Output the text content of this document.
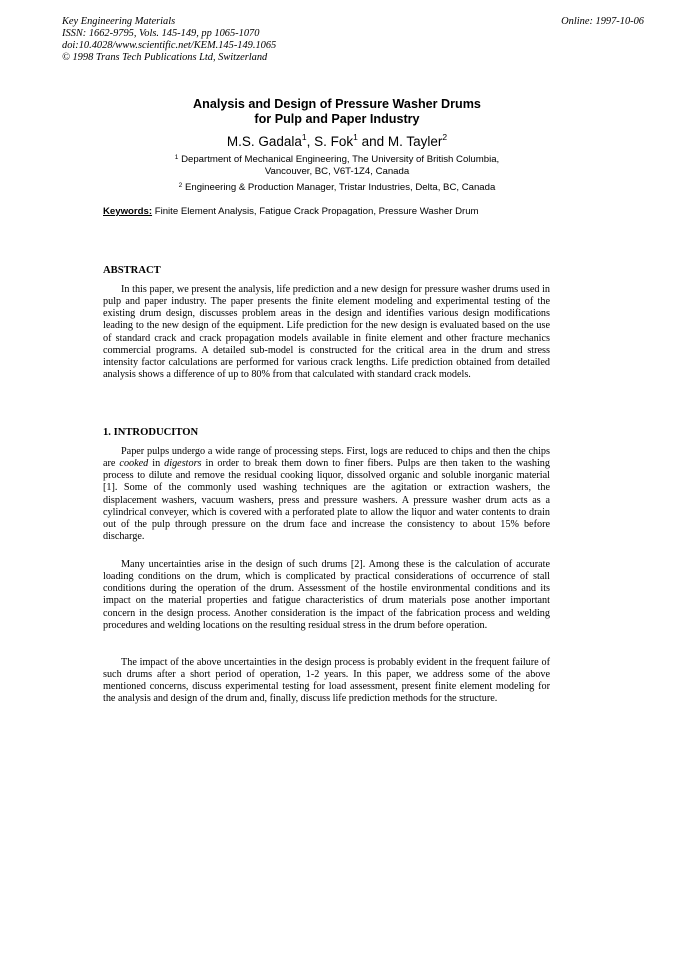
Key Engineering Materials
ISSN: 1662-9795, Vols. 145-149, pp 1065-1070
doi:10.4028/www.scientific.net/KEM.145-149.1065
© 1998 Trans Tech Publications Ltd, Switzerland
Online: 1997-10-06
Analysis and Design of Pressure Washer Drums
for Pulp and Paper Industry
M.S. Gadala$^1$, S. Fok$^1$ and M. Tayler$^2$
$^1$ Department of Mechanical Engineering, The University of British Columbia,
Vancouver, BC, V6T-1Z4, Canada
$^2$ Engineering & Production Manager, Tristar Industries, Delta, BC, Canada
Keywords: Finite Element Analysis, Fatigue Crack Propagation, Pressure Washer Drum
ABSTRACT
In this paper, we present the analysis, life prediction and a new design for pressure washer drums used in pulp and paper industry. The paper presents the finite element modeling and experimental testing of the existing drum design, discusses problem areas in the design and identifies various design modifications leading to the new design of the equipment. Life prediction for the new design is evaluated based on the use of standard crack and crack propagation models available in finite element and other fracture mechanics commercial programs. A detailed sub-model is constructed for the critical area in the drum and stress intensity factor calculations are performed for various crack lengths. Life prediction obtained from detailed analysis shows a difference of up to 80% from that calculated with standard crack models.
1. INTRODUCITON
Paper pulps undergo a wide range of processing steps. First, logs are reduced to chips and then the chips are cooked in digestors in order to break them down to finer fibers. Pulps are then taken to the washing process to dilute and remove the residual cooking liquor, dissolved organic and soluble inorganic material [1]. Some of the commonly used washing techniques are the agitation or extraction washers, the displacement washers, vacuum washers, press and pressure washers. A pressure washer drum acts as a cylindrical conveyer, which is covered with a perforated plate to allow the liquor and water contents to drain out of the pulp through pressure on the drum face and increase the consistency to about 15% before discharge.
Many uncertainties arise in the design of such drums [2]. Among these is the calculation of accurate loading conditions on the drum, which is complicated by practical considerations of occurrence of stall conditions during the operation of the drum. Assessment of the hostile environmental conditions and its impact on the material properties and fatigue characteristics of drum materials pose another important concern in the design process. Another consideration is the impact of the fabrication process and welding procedures and welding locations on the resulting residual stress in the drum before operation.
The impact of the above uncertainties in the design process is probably evident in the frequent failure of such drums after a short period of operation, 1-2 years. In this paper, we address some of the above mentioned concerns, discuss experimental testing for load assessment, present finite element modeling for the analysis and design of the drum and, finally, discuss life prediction methods for the structure.
